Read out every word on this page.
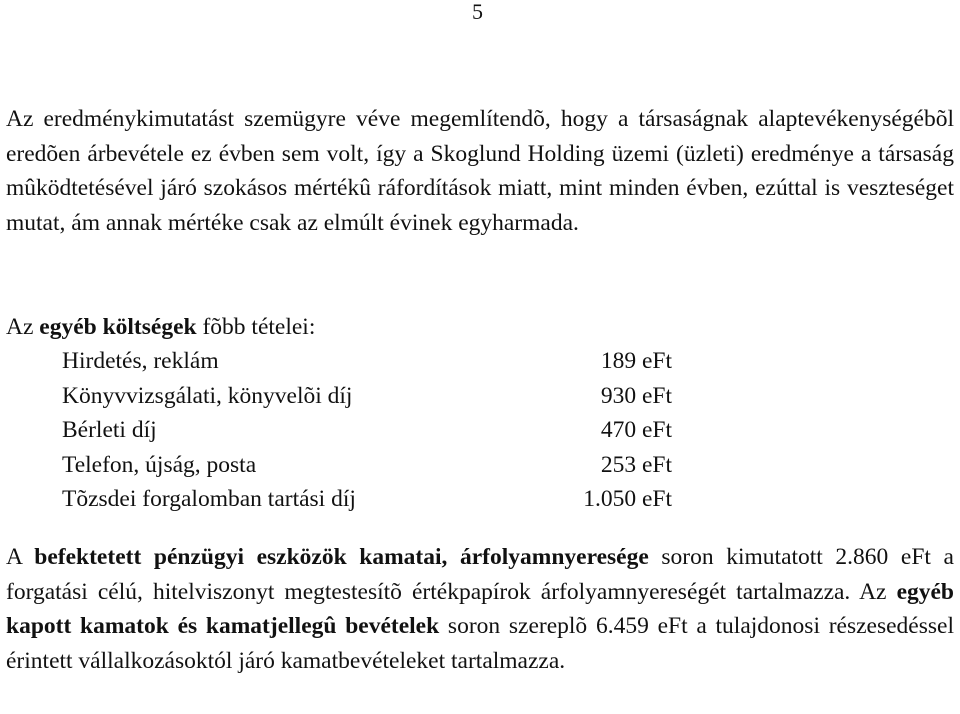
5

Az eredménykimutatást szemügyre véve megemlítendõ, hogy a társaságnak alaptevékenységébõl eredõen árbevétele ez évben sem volt, így a Skoglund Holding üzemi (üzleti) eredménye a társaság mûködtetésével járó szokásos mértékû ráfordítások miatt, mint minden évben, ezúttal is veszteséget mutat, ám annak mértéke csak az elmúlt évinek egyharmada.

Az egyéb költségek fõbb tételei:

Hirdetés, reklám	189 eFt
Könyvvizsgálati, könyvelõi díj	930 eFt
Bérleti díj	470 eFt
Telefon, újság, posta	253 eFt
Tõzsdei forgalomban tartási díj	1.050 eFt

A befektetett pénzügyi eszközök kamatai, árfolyamnyeresége soron kimutatott 2.860 eFt a forgatási célú, hitelviszonyt megtestesítõ értékpapírok árfolyamnyereségét tartalmazza. Az egyéb kapott kamatok és kamatjellegû bevételek soron szereplõ 6.459 eFt a tulajdonosi részesedéssel érintett vállalkozásoktól járó kamatbevételeket tartalmazza.
